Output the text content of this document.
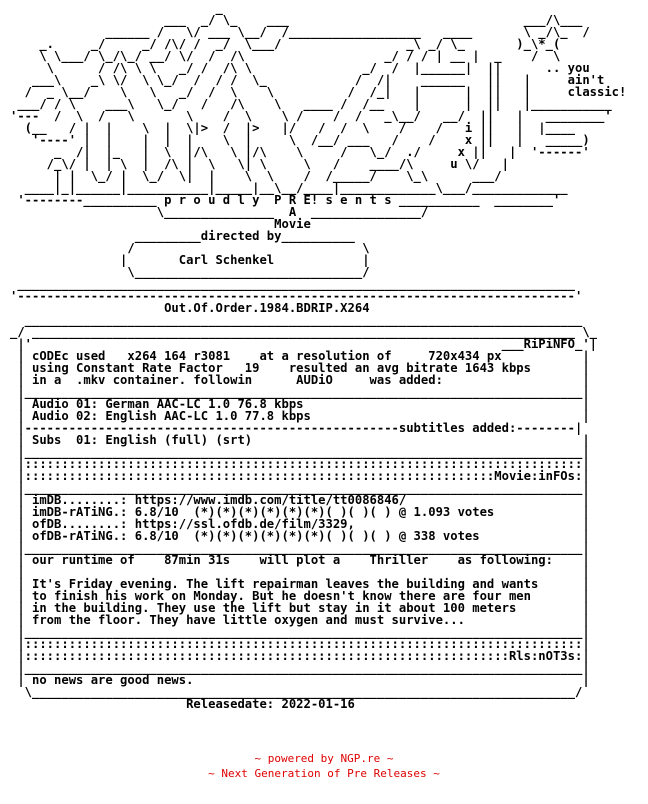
_
___  _/ \_    ___                                ___/\___
______ /   \/ ___ \__/  /__________________   ____       \ _/\_  /
_.     _/     _/ /\/ /  _/  \___/                 _\ _/ \_       )_\*_(
\ \___/ \_/\_/ __/ \/  /  /\                   _/ / / | __ |  _    /  \
\      / /\ \ \   _/ /  /\ \               _/  /  |______|  ||      .. you
___\    _\ \/  \ \_/  /  / /  \_            /  /|    ______   ||   |     ain't
/  _ \__/    \   \   _/  /  \    \          /  /_|   |      |  ||   |     classic!
___/ / \    ___\   \_/   /   /\    \   ____ /  /__    |      |  ||   |___________
'---  /  \  /   \       \    /  \    \ /    /  /   _\__/   __/  ||   |   ________'
(__   / |  |    \  |  \|>  /  |>   |/   /  /  \    /    /   i ||   |  |____
'----' |  |    |  |  |    \  |     \  /__/ ___   /    /    x ||   |   _____)
_  /|  |_   |  \  |/\   \ |/\    \     /   \_/  ./     x ||   |  '------'
/_\/ |  | \  |  /\ |  \   \| \     \   /    ____/\     u \/   |
| |  \_/ |  \_/  \|  |    \  \    /  /_____/    \_\      ___/
____|_|______|___________|_____|__\__/____|_____________\___/_____________
'--------__________ p r o u d l y  P R E! s e n t s ___________  ________'
\_______________  A  _______________/
Movie
_________directed by__________
/                               \
|       Carl Schenkel            |
\_______________________________/
____________________________________________________________________________
'----------------------------------------------------------------------------'
Out.Of.Order.1984.BDRIP.X264
____________________________________________________________________________
_/ __________________________________________________________________________ \_
|'                                                                ___RiPiNFO_'|
| cODEc used   x264 164 r3081    at a resolution of     720x434 px           |
| using Constant Rate Factor   19    resulted an avg bitrate 1643 kbps       |
| in a  .mkv container. followin      AUDiO     was added:                   |
|____________________________________________________________________________|
| Audio 01: German AAC-LC 1.0 76.8 kbps                                      |
| Audio 02: English AAC-LC 1.0 77.8 kbps                                     |
|---------------------------------------------------subtitles added:--------|
| Subs  01: English (full) (srt)                                             |
|____________________________________________________________________________|
|::::::::::::::::::::::::::::::::::::::::::::::::::::::::::::::::::::::::::::|
|::::::::::::::::::::::::::::::::::::::::::::::::::::::::::::::::Movie:inFOs:|
|____________________________________________________________________________|
| imDB........: https://www.imdb.com/title/tt0086846/                        |
| imDB-rATiNG.: 6.8/10  (*)(*)(*)(*)(*)(*)( )( )( ) @ 1.093 votes            |
| ofDB........: https://ssl.ofdb.de/film/3329,                               |
| ofDB-rATiNG.: 6.8/10  (*)(*)(*)(*)(*)(*)( )( )( ) @ 338 votes              |
|____________________________________________________________________________|
| our runtime of    87min 31s    will plot a    Thriller    as following:    |
|                                                                            |
| It's Friday evening. The lift repairman leaves the building and wants      |
| to finish his work on Monday. But he doesn't know there are four men       |
| in the building. They use the lift but stay in it about 100 meters         |
| from the floor. They have little oxygen and must survive...                |
|____________________________________________________________________________|
|::::::::::::::::::::::::::::::::::::::::::::::::::::::::::::::::::::::::::::|
|::::::::::::::::::::::::::::::::::::::::::::::::::::::::::::::::::Rls:nOT3s:|
|____________________________________________________________________________|
| no news are good news.                                                     |
\__________________________________________________________________________/
Releasedate: 2022-01-16
~ powered by NGP.re ~
~ Next Generation of Pre Releases ~
